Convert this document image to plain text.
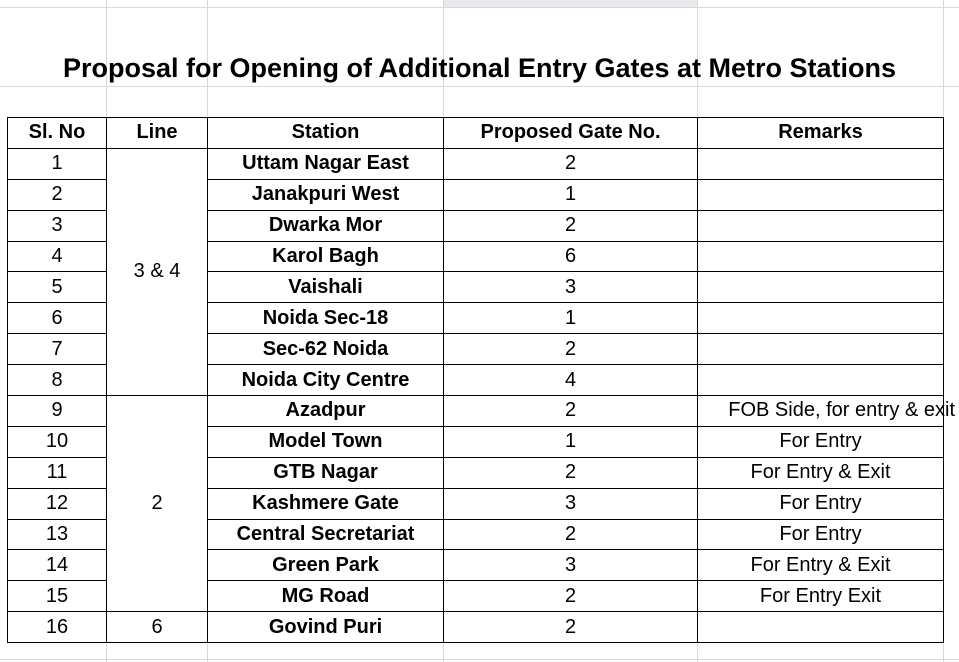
Proposal for Opening of Additional Entry Gates at Metro Stations
Sl. No	Line	Station	Proposed Gate No.	Remarks
1	3 & 4	Uttam Nagar East	2	
2		Janakpuri West	1	
3		Dwarka Mor	2	
4		Karol Bagh	6	
5		Vaishali	3	
6		Noida Sec-18	1	
7		Sec-62 Noida	2	
8		Noida City Centre	4	
9	2	Azadpur	2	FOB Side, for entry & exit

10		Model Town	1	For Entry
11		GTB Nagar	2	For Entry & Exit
12		Kashmere Gate	3	For Entry
13		Central Secretariat	2	For Entry
14		Green Park	3	For Entry & Exit
15		MG Road	2	For Entry Exit
16	6	Govind Puri	2	
